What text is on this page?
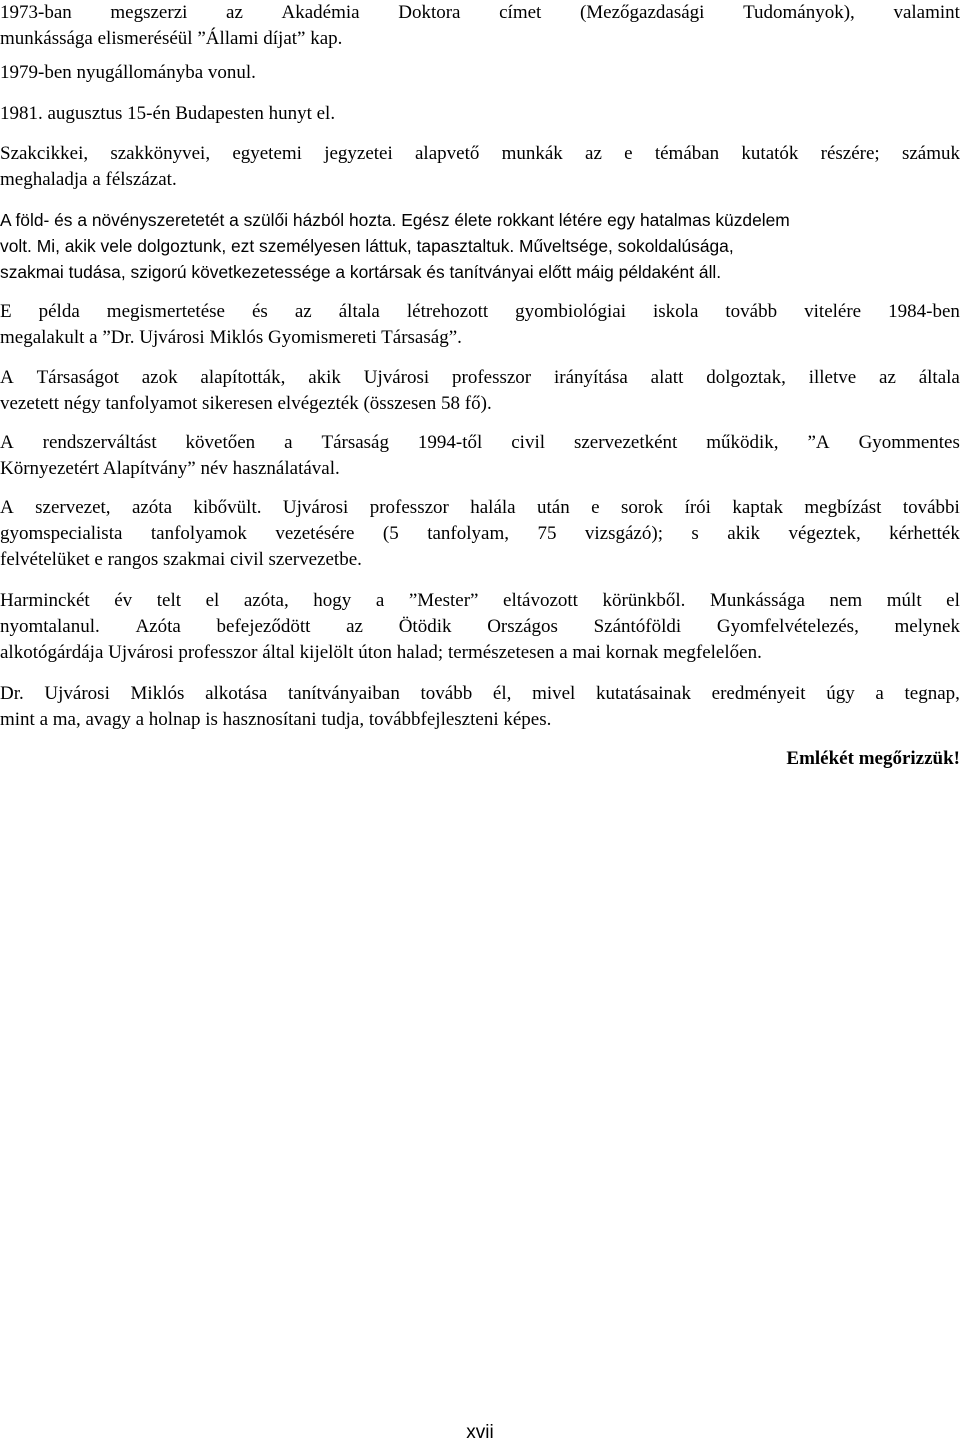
1973-ban megszerzi az Akadémia Doktora címet (Mezőgazdasági Tudományok), valamint
munkássága elismeréséül ”Állami díjat” kap.
1979-ben nyugállományba vonul.
1981. augusztus 15-én Budapesten hunyt el.
Szakcikkei, szakkönyvei, egyetemi jegyzetei alapvető munkák az e témában kutatók részére; számuk
meghaladja a félszázat.
A föld- és a növényszeretetét a szülői házból hozta. Egész élete rokkant létére egy hatalmas küzdelem
volt. Mi, akik vele dolgoztunk, ezt személyesen láttuk, tapasztaltuk. Műveltsége, sokoldalúsága,
szakmai tudása, szigorú következetessége a kortársak és tanítványai előtt máig példaként áll.
E példa megismertetése és az általa létrehozott gyombiológiai iskola tovább vitelére 1984-ben
megalakult a ”Dr. Ujvárosi Miklós Gyomismereti Társaság”.
A Társaságot azok alapították, akik Ujvárosi professzor irányítása alatt dolgoztak, illetve az általa
vezetett négy tanfolyamot sikeresen elvégezték (összesen 58 fő).
A rendszerváltást követően a Társaság 1994-től civil szervezetként működik, ”A Gyommentes
Környezetért Alapítvány” név használatával.
A szervezet, azóta kibővült. Ujvárosi professzor halála után e sorok írói kaptak megbízást további
gyomspecialista tanfolyamok vezetésére (5 tanfolyam, 75 vizsgázó); s akik végeztek, kérhették
felvételüket e rangos szakmai civil szervezetbe.
Harminckét év telt el azóta, hogy a ”Mester” eltávozott körünkből. Munkássága nem múlt el
nyomtalanul. Azóta befejeződött az Ötödik Országos Szántóföldi Gyomfelvételezés, melynek
alkotógárdája Ujvárosi professzor által kijelölt úton halad; természetesen a mai kornak megfelelően.
Dr. Ujvárosi Miklós alkotása tanítványaiban tovább él, mivel kutatásainak eredményeit úgy a tegnap,
mint a ma, avagy a holnap is hasznosítani tudja, továbbfejleszteni képes.
Emlékét megőrizzük!
xvii
